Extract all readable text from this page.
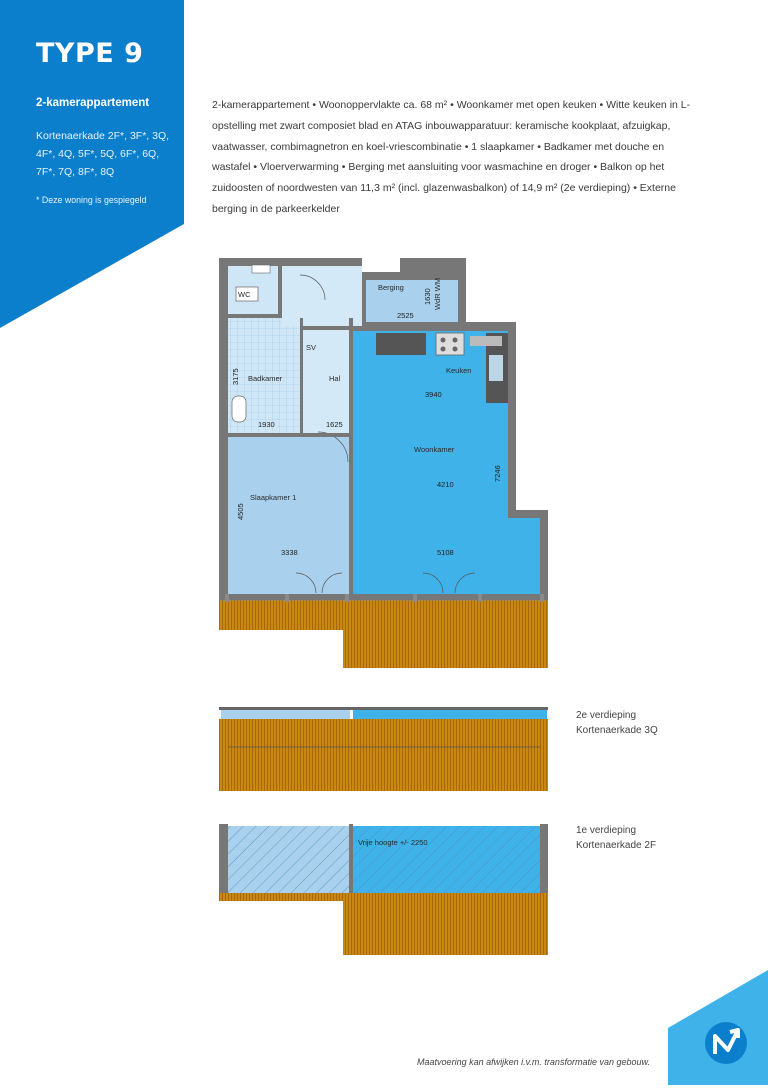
TYPE 9
2-kamerappartement
Kortenaerkade 2F*, 3F*, 3Q, 4F*, 4Q, 5F*, 5Q, 6F*, 6Q, 7F*, 7Q, 8F*, 8Q
* Deze woning is gespiegeld
2-kamerappartement • Woonoppervlakte ca. 68 m² • Woonkamer met open keuken • Witte keuken in L-opstelling met zwart composiet blad en ATAG inbouwapparatuur: keramische kookplaat, afzuigkap, vaatwasser, combimagnetron en koel-vriescombinatie • 1 slaapkamer • Badkamer met douche en wastafel • Vloerverwarming • Berging met aansluiting voor wasmachine en droger • Balkon op het zuidoosten of noordwesten van 11,3 m² (incl. glazenwasbalkon) of 14,9 m² (2e verdieping) • Externe berging in de parkeerkelder
WC
Berging
Badkamer
SV
Hal
Keuken
Woonkamer
Slaapkamer 1
WdR WM
2525
1630
3175
1930	1625
3940
4210
7246
4505
3338	5108
Vrije hoogte +/- 2250
2e verdieping
Kortenaerkade 3Q
1e verdieping
Kortenaerkade 2F
Maatvoering kan afwijken i.v.m. transformatie van gebouw.
